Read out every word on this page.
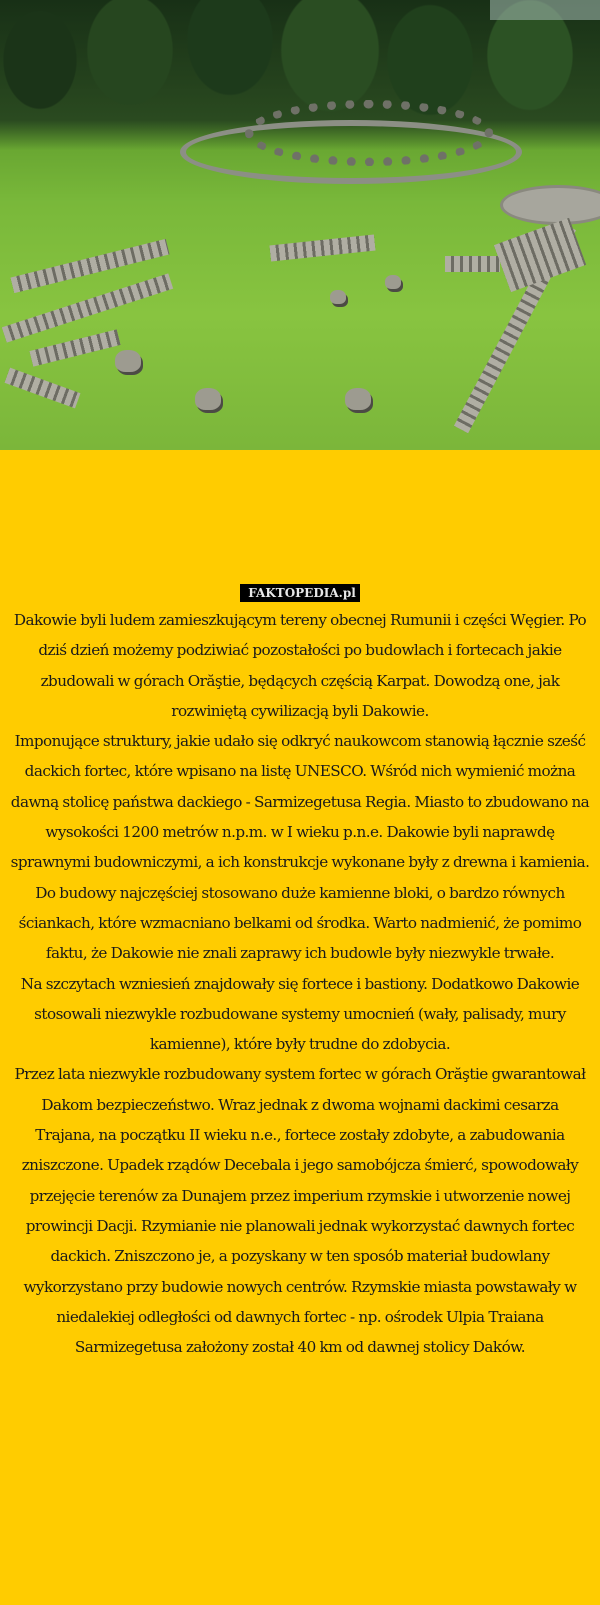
FAKTOPEDIA.pl

Dakowie byli ludem zamieszkującym tereny obecnej Rumunii i części Węgier. Po dziś dzień możemy podziwiać pozostałości po budowlach i fortecach jakie zbudowali w górach Orăştie, będących częścią Karpat. Dowodzą one, jak rozwiniętą cywilizacją byli Dakowie.

Imponujące struktury, jakie udało się odkryć naukowcom stanowią łącznie sześć dackich fortec, które wpisano na listę UNESCO. Wśród nich wymienić można dawną stolicę państwa dackiego - Sarmizegetusa Regia. Miasto to zbudowano na wysokości 1200 metrów n.p.m. w I wieku p.n.e. Dakowie byli naprawdę sprawnymi budowniczymi, a ich konstrukcje wykonane były z drewna i kamienia. Do budowy najczęściej stosowano duże kamienne bloki, o bardzo równych ściankach, które wzmacniano belkami od środka. Warto nadmienić, że pomimo faktu, że Dakowie nie znali zaprawy ich budowle były niezwykle trwałe.

Na szczytach wzniesień znajdowały się fortece i bastiony. Dodatkowo Dakowie stosowali niezwykle rozbudowane systemy umocnień (wały, palisady, mury kamienne), które były trudne do zdobycia.

Przez lata niezwykle rozbudowany system fortec w górach Orăştie gwarantował Dakom bezpieczeństwo. Wraz jednak z dwoma wojnami dackimi cesarza Trajana, na początku II wieku n.e., fortece zostały zdobyte, a zabudowania zniszczone. Upadek rządów Decebala i jego samobójcza śmierć, spowodowały przejęcie terenów za Dunajem przez imperium rzymskie i utworzenie nowej prowincji Dacji. Rzymianie nie planowali jednak wykorzystać dawnych fortec dackich. Zniszczono je, a pozyskany w ten sposób materiał budowlany wykorzystano przy budowie nowych centrów. Rzymskie miasta powstawały w niedalekiej odległości od dawnych fortec - np. ośrodek Ulpia Traiana Sarmizegetusa założony został 40 km od dawnej stolicy Daków.
